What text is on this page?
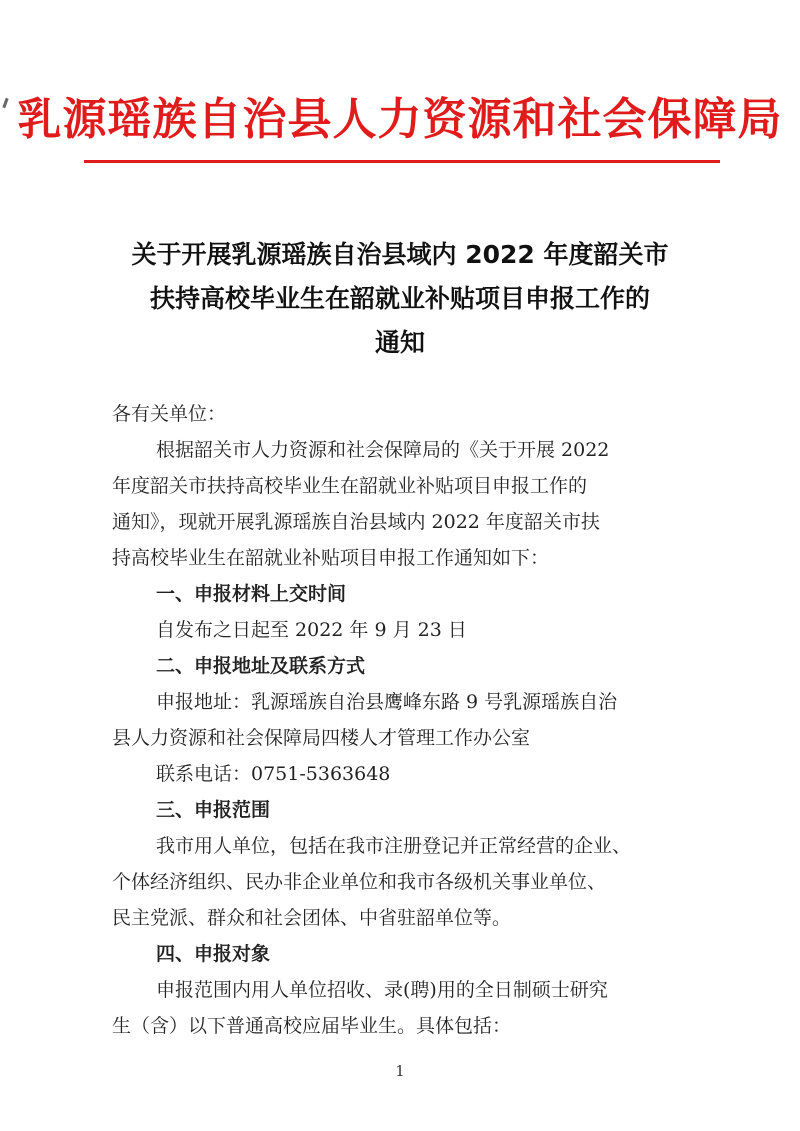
乳源瑶族自治县人力资源和社会保障局
关于开展乳源瑶族自治县域内 2022 年度韶关市
扶持高校毕业生在韶就业补贴项目申报工作的
通知
各有关单位：
根据韶关市人力资源和社会保障局的《关于开展 2022
年度韶关市扶持高校毕业生在韶就业补贴项目申报工作的
通知》，现就开展乳源瑶族自治县域内 2022 年度韶关市扶
持高校毕业生在韶就业补贴项目申报工作通知如下：
一、申报材料上交时间
自发布之日起至 2022 年 9 月 23 日
二、申报地址及联系方式
申报地址：乳源瑶族自治县鹰峰东路 9 号乳源瑶族自治
县人力资源和社会保障局四楼人才管理工作办公室
联系电话：0751-5363648
三、申报范围
我市用人单位，包括在我市注册登记并正常经营的企业、
个体经济组织、民办非企业单位和我市各级机关事业单位、
民主党派、群众和社会团体、中省驻韶单位等。
四、申报对象
申报范围内用人单位招收、录(聘)用的全日制硕士研究
生（含）以下普通高校应届毕业生。具体包括：
1
